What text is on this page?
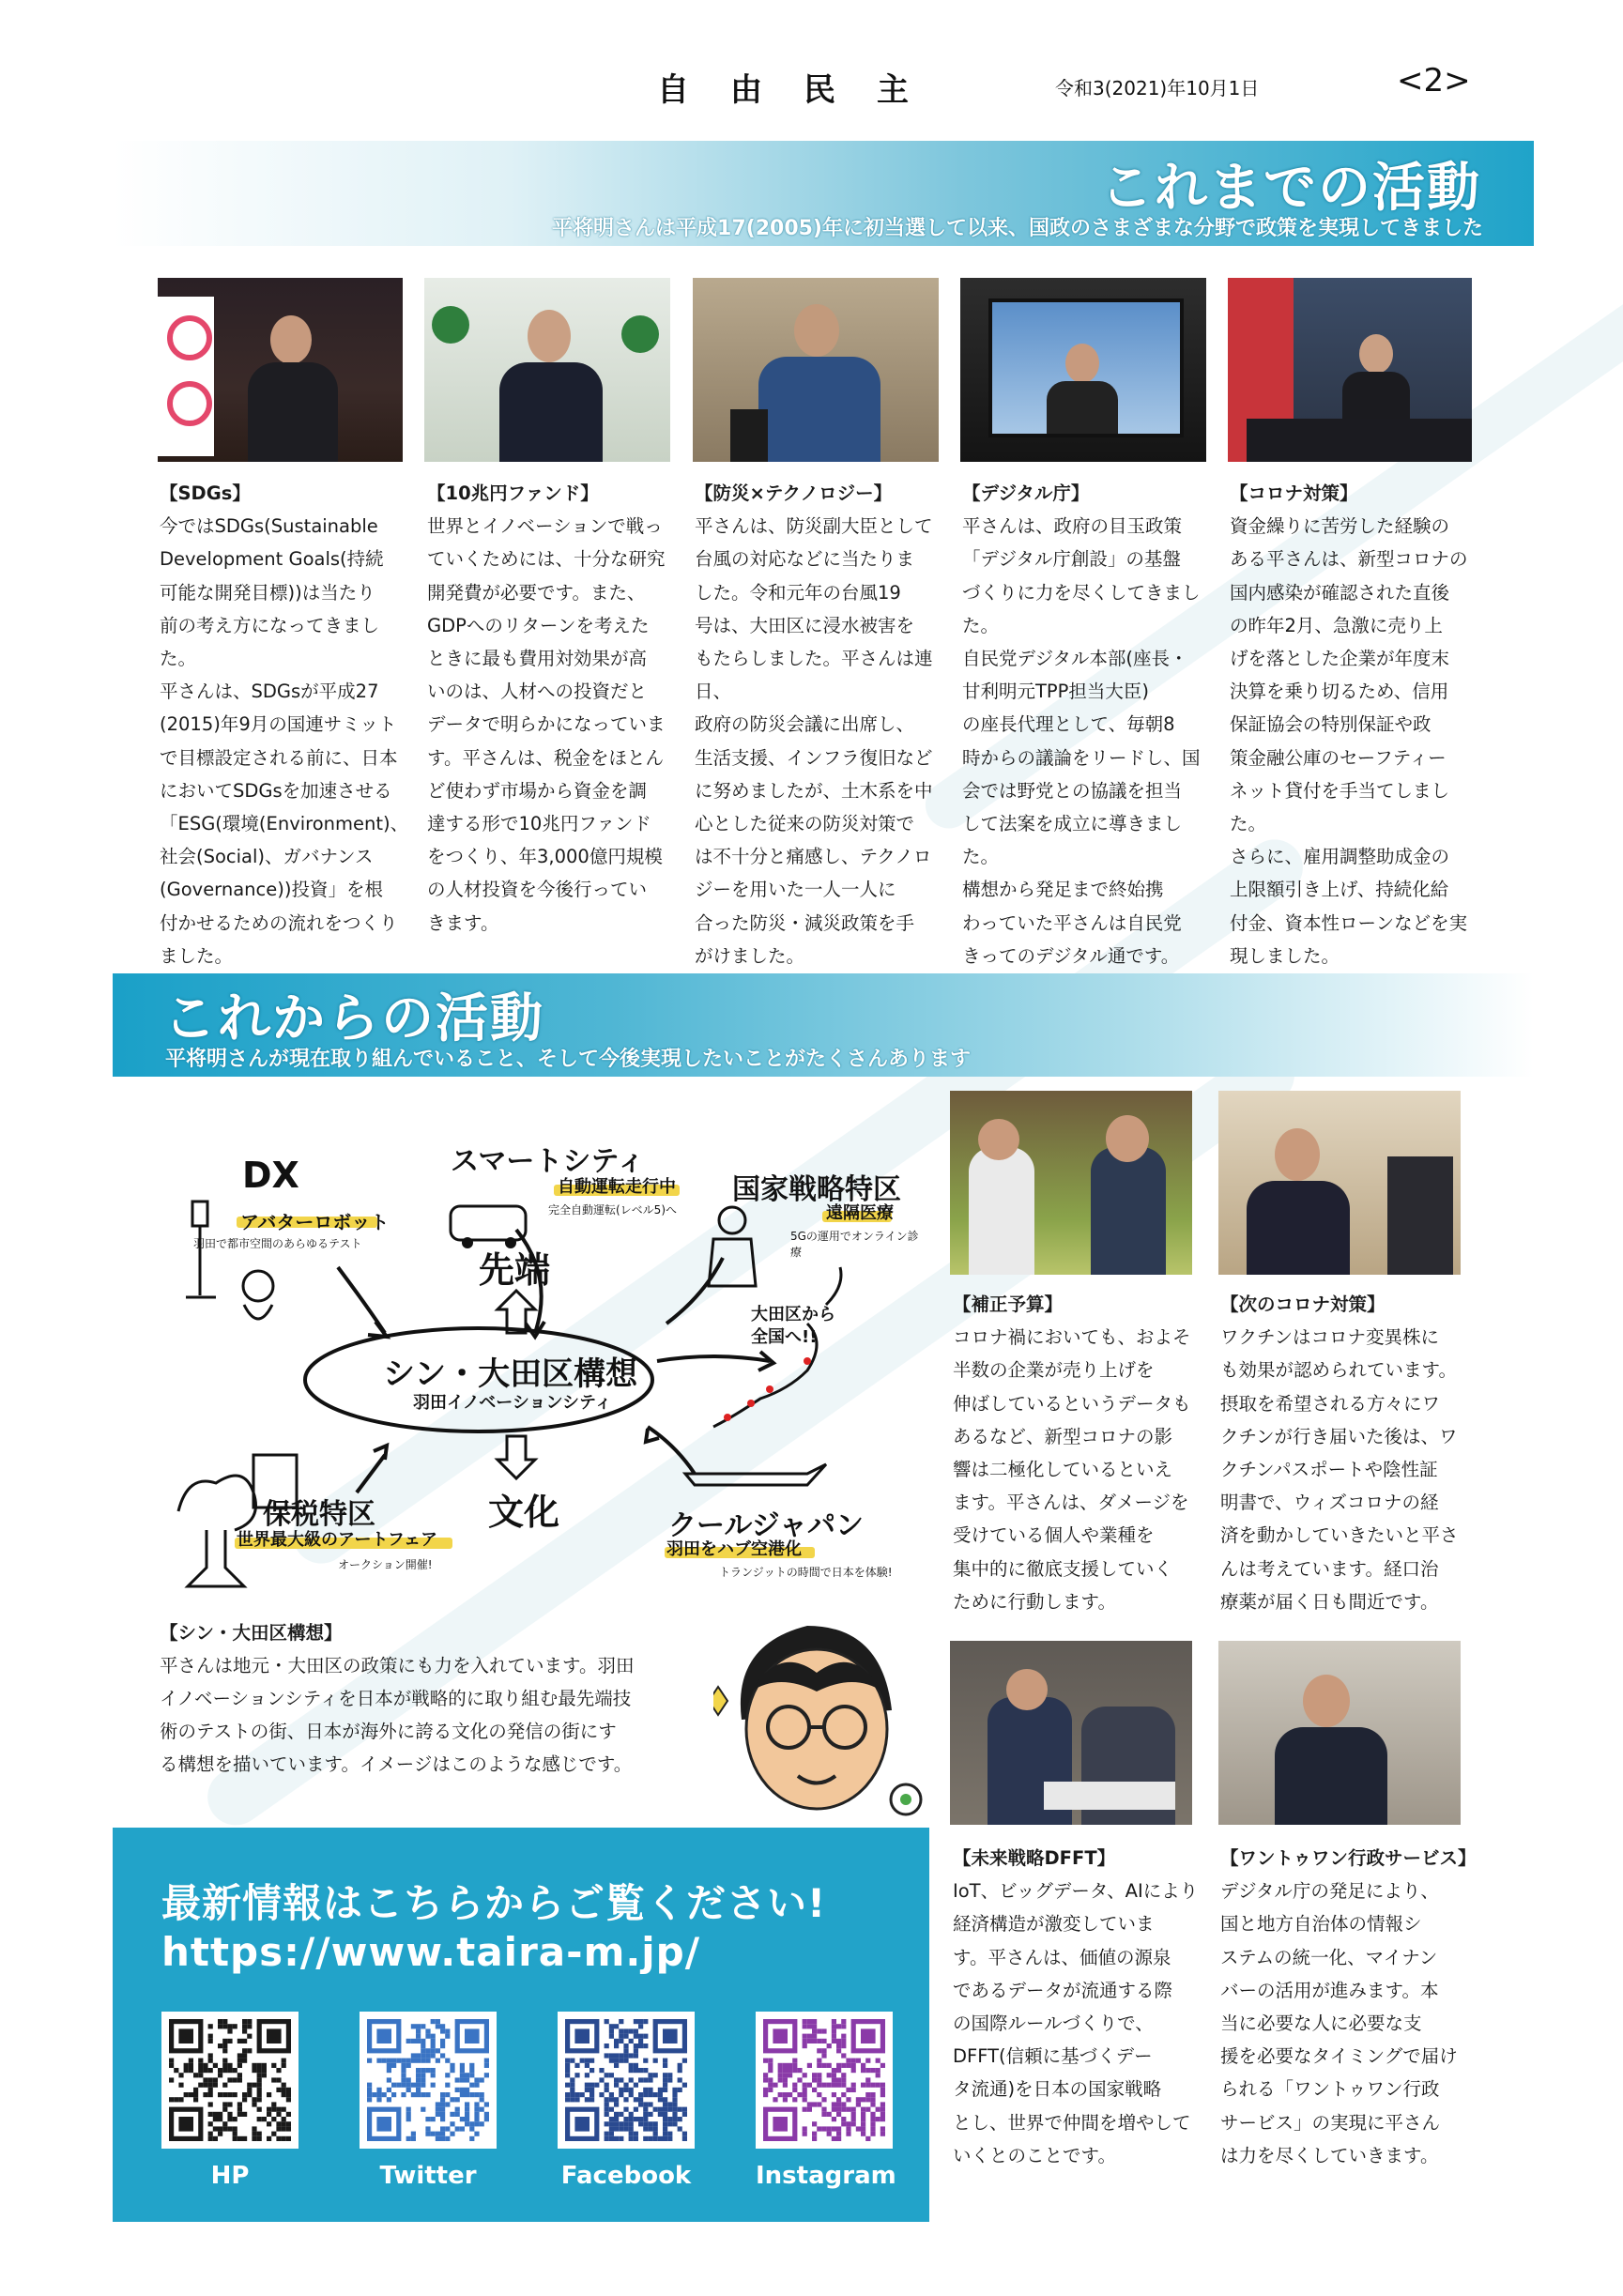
自由民主	令和3(2021)年10月1日	<2>
これまでの活動
平将明さんは平成17(2005)年に初当選して以来、国政のさまざまな分野で政策を実現してきました
【SDGs】

今ではSDGs(Sustainable

Development Goals(持続

可能な開発目標))は当たり

前の考え方になってきました。

平さんは、SDGsが平成27

(2015)年9月の国連サミット

で目標設定される前に、日本

においてSDGsを加速させる

「ESG(環境(Environment)、

社会(Social)、ガバナンス

(Governance))投資」を根

付かせるための流れをつくり

ました。

【10兆円ファンド】

世界とイノベーションで戦っ

ていくためには、十分な研究

開発費が必要です。また、

GDPへのリターンを考えた

ときに最も費用対効果が高

いのは、人材への投資だと

データで明らかになっていま

す。平さんは、税金をほとん

ど使わず市場から資金を調

達する形で10兆円ファンド

をつくり、年3,000億円規模

の人材投資を今後行ってい

きます。

【防災×テクノロジー】

平さんは、防災副大臣として

台風の対応などに当たりま

した。令和元年の台風19

号は、大田区に浸水被害を

もたらしました。平さんは連日、

政府の防災会議に出席し、

生活支援、インフラ復旧など

に努めましたが、土木系を中

心とした従来の防災対策で

は不十分と痛感し、テクノロ

ジーを用いた一人一人に

合った防災・減災政策を手

がけました。

【デジタル庁】

平さんは、政府の目玉政策

「デジタル庁創設」の基盤

づくりに力を尽くしてきました。

自民党デジタル本部(座長・

甘利明元TPP担当大臣)

の座長代理として、毎朝8

時からの議論をリードし、国

会では野党との協議を担当

して法案を成立に導きました。

構想から発足まで終始携

わっていた平さんは自民党

きってのデジタル通です。

【コロナ対策】

資金繰りに苦労した経験の

ある平さんは、新型コロナの

国内感染が確認された直後

の昨年2月、急激に売り上

げを落とした企業が年度末

決算を乗り切るため、信用

保証協会の特別保証や政

策金融公庫のセーフティー

ネット貸付を手当てしました。

さらに、雇用調整助成金の

上限額引き上げ、持続化給

付金、資本性ローンなどを実

現しました。

これからの活動
平将明さんが現在取り組んでいること、そして今後実現したいことがたくさんあります
DX
アバターロボット
羽田で都市空間のあらゆるテスト
スマートシティ
自動運転走行中
完全自動運転(レベル5)へ
先端
国家戦略特区
遠隔医療
5Gの運用でオンライン診療
大田区から
全国へ!!
シン・大田区構想
羽田イノベーションシティ
保税特区
世界最大級のアートフェア
オークション開催!
文化	クールジャパン
羽田をハブ空港化
トランジットの時間で日本を体験!
【シン・大田区構想】

平さんは地元・大田区の政策にも力を入れています。羽田

イノベーションシティを日本が戦略的に取り組む最先端技

術のテストの街、日本が海外に誇る文化の発信の街にす

る構想を描いています。イメージはこのような感じです。

最新情報はこちらからご覧ください!
https://www.taira-m.jp/
HP	Twitter	Facebook	Instagram
【補正予算】

コロナ禍においても、およそ

半数の企業が売り上げを

伸ばしているというデータも

あるなど、新型コロナの影

響は二極化しているといえ

ます。平さんは、ダメージを

受けている個人や業種を

集中的に徹底支援していく

ために行動します。

【次のコロナ対策】

ワクチンはコロナ変異株に

も効果が認められています。

摂取を希望される方々にワ

クチンが行き届いた後は、ワ

クチンパスポートや陰性証

明書で、ウィズコロナの経

済を動かしていきたいと平さ

んは考えています。経口治

療薬が届く日も間近です。

【未来戦略DFFT】

IoT、ビッグデータ、AIにより

経済構造が激変していま

す。平さんは、価値の源泉

であるデータが流通する際

の国際ルールづくりで、

DFFT(信頼に基づくデー

タ流通)を日本の国家戦略

とし、世界で仲間を増やして

いくとのことです。

【ワントゥワン行政サービス】

デジタル庁の発足により、

国と地方自治体の情報シ

ステムの統一化、マイナン

バーの活用が進みます。本

当に必要な人に必要な支

援を必要なタイミングで届け

られる「ワントゥワン行政

サービス」の実現に平さん

は力を尽くしていきます。
